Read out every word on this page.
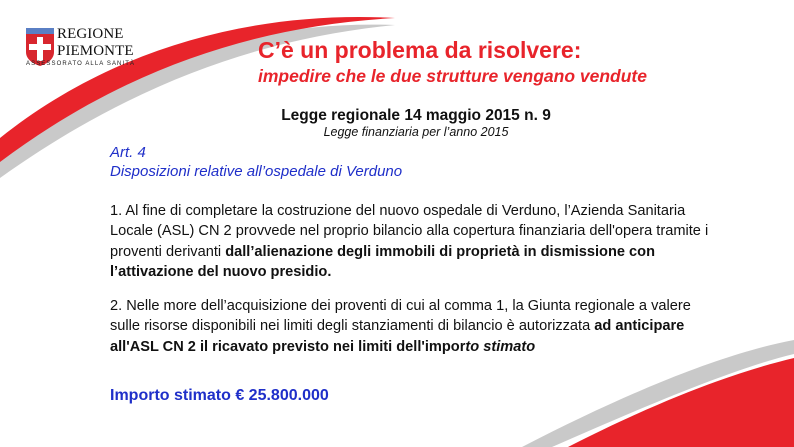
REGIONE
PIEMONTE
ASSESSORATO ALLA SANITÀ
C’è un problema da risolvere:
impedire che le due strutture vengano vendute
Legge regionale 14 maggio 2015 n. 9
Legge finanziaria per l’anno 2015
Art. 4
Disposizioni relative all’ospedale di Verduno
1. Al fine di completare la costruzione del nuovo ospedale di Verduno, l’Azienda Sanitaria Locale (ASL) CN 2 provvede nel proprio bilancio alla copertura finanziaria dell'opera tramite i proventi derivanti dall’alienazione degli immobili di proprietà in dismissione con l’attivazione del nuovo presidio.
2. Nelle more dell’acquisizione dei proventi di cui al comma 1, la Giunta regionale a valere sulle risorse disponibili nei limiti degli stanziamenti di bilancio è autorizzata ad anticipare all'ASL CN 2 il ricavato previsto nei limiti dell'importo stimato
Importo stimato € 25.800.000
